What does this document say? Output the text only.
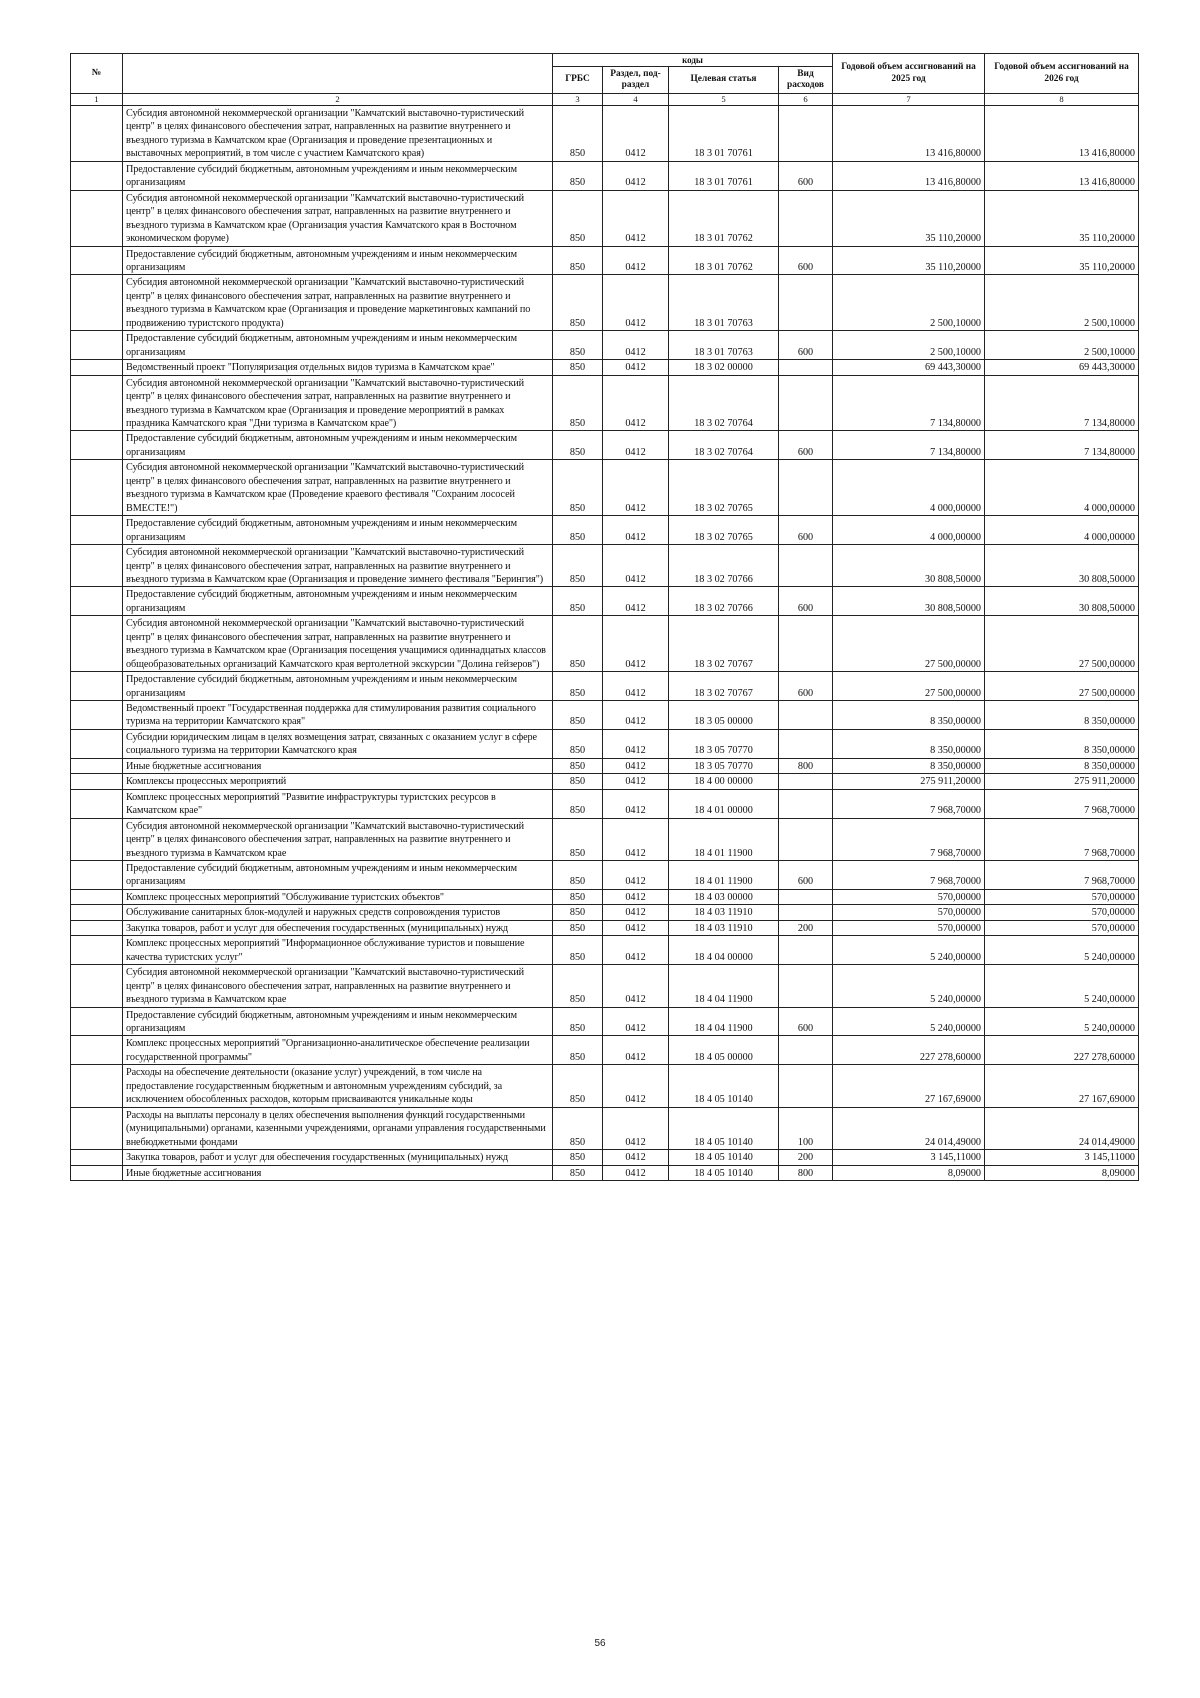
№		коды				Годовой объем ассигнований на 2025 год	Годовой объем ассигнований на 2026 год
		ГРБС	Раздел, под-раздел	Целевая статья	Вид расходов		
1	2	3	4	5	6	7	8
	Субсидия автономной некоммерческой организации "Камчатский выставочно-туристический центр" в целях финансового обеспечения затрат, направленных на развитие внутреннего и въездного туризма в Камчатском крае (Организация и проведение презентационных и выставочных мероприятий, в том числе с участием Камчатского края)	850	0412	18 3 01 70761		13 416,80000	13 416,80000
	Предоставление субсидий бюджетным, автономным учреждениям и иным некоммерческим организациям	850	0412	18 3 01 70761	600	13 416,80000	13 416,80000
	Субсидия автономной некоммерческой организации "Камчатский выставочно-туристический центр" в целях финансового обеспечения затрат, направленных на развитие внутреннего и въездного туризма в Камчатском крае (Организация участия Камчатского края в Восточном экономическом форуме)	850	0412	18 3 01 70762		35 110,20000	35 110,20000
	Предоставление субсидий бюджетным, автономным учреждениям и иным некоммерческим организациям	850	0412	18 3 01 70762	600	35 110,20000	35 110,20000
	Субсидия автономной некоммерческой организации "Камчатский выставочно-туристический центр" в целях финансового обеспечения затрат, направленных на развитие внутреннего и въездного туризма в Камчатском крае (Организация и проведение маркетинговых кампаний по продвижению туристского продукта)	850	0412	18 3 01 70763		2 500,10000	2 500,10000
	Предоставление субсидий бюджетным, автономным учреждениям и иным некоммерческим организациям	850	0412	18 3 01 70763	600	2 500,10000	2 500,10000
	Ведомственный проект "Популяризация отдельных видов туризма в Камчатском крае"	850	0412	18 3 02 00000		69 443,30000	69 443,30000
	Субсидия автономной некоммерческой организации "Камчатский выставочно-туристический центр" в целях финансового обеспечения затрат, направленных на развитие внутреннего и въездного туризма в Камчатском крае (Организация и проведение мероприятий в рамках праздника Камчатского края "Дни туризма в Камчатском крае")	850	0412	18 3 02 70764		7 134,80000	7 134,80000
	Предоставление субсидий бюджетным, автономным учреждениям и иным некоммерческим организациям	850	0412	18 3 02 70764	600	7 134,80000	7 134,80000
	Субсидия автономной некоммерческой организации "Камчатский выставочно-туристический центр" в целях финансового обеспечения затрат, направленных на развитие внутреннего и въездного туризма в Камчатском крае (Проведение краевого фестиваля "Сохраним лососей ВМЕСТЕ!")	850	0412	18 3 02 70765		4 000,00000	4 000,00000
	Предоставление субсидий бюджетным, автономным учреждениям и иным некоммерческим организациям	850	0412	18 3 02 70765	600	4 000,00000	4 000,00000
	Субсидия автономной некоммерческой организации "Камчатский выставочно-туристический центр" в целях финансового обеспечения затрат, направленных на развитие внутреннего и въездного туризма в Камчатском крае (Организация и проведение зимнего фестиваля "Берингия")	850	0412	18 3 02 70766		30 808,50000	30 808,50000
	Предоставление субсидий бюджетным, автономным учреждениям и иным некоммерческим организациям	850	0412	18 3 02 70766	600	30 808,50000	30 808,50000
	Субсидия автономной некоммерческой организации "Камчатский выставочно-туристический центр" в целях финансового обеспечения затрат, направленных на развитие внутреннего и въездного туризма в Камчатском крае (Организация посещения учащимися одиннадцатых классов общеобразовательных организаций Камчатского края вертолетной экскурсии "Долина гейзеров")	850	0412	18 3 02 70767		27 500,00000	27 500,00000
	Предоставление субсидий бюджетным, автономным учреждениям и иным некоммерческим организациям	850	0412	18 3 02 70767	600	27 500,00000	27 500,00000
	Ведомственный проект "Государственная поддержка для стимулирования развития социального туризма на территории Камчатского края"	850	0412	18 3 05 00000		8 350,00000	8 350,00000
	Субсидии юридическим лицам в целях возмещения затрат, связанных с оказанием услуг в сфере социального туризма на территории Камчатского края	850	0412	18 3 05 70770		8 350,00000	8 350,00000
	Иные бюджетные ассигнования	850	0412	18 3 05 70770	800	8 350,00000	8 350,00000
	Комплексы процессных мероприятий	850	0412	18 4 00 00000		275 911,20000	275 911,20000
	Комплекс процессных мероприятий "Развитие инфраструктуры туристских ресурсов в Камчатском крае"	850	0412	18 4 01 00000		7 968,70000	7 968,70000
	Субсидия автономной некоммерческой организации "Камчатский выставочно-туристический центр" в целях финансового обеспечения затрат, направленных на развитие внутреннего и въездного туризма в Камчатском крае	850	0412	18 4 01 11900		7 968,70000	7 968,70000
	Предоставление субсидий бюджетным, автономным учреждениям и иным некоммерческим организациям	850	0412	18 4 01 11900	600	7 968,70000	7 968,70000
	Комплекс процессных мероприятий "Обслуживание туристских объектов"	850	0412	18 4 03 00000		570,00000	570,00000
	Обслуживание санитарных блок-модулей и наружных средств сопровождения туристов	850	0412	18 4 03 11910		570,00000	570,00000
	Закупка товаров, работ и услуг для обеспечения государственных (муниципальных) нужд	850	0412	18 4 03 11910	200	570,00000	570,00000
	Комплекс процессных мероприятий "Информационное обслуживание туристов и повышение качества туристских услуг"	850	0412	18 4 04 00000		5 240,00000	5 240,00000
	Субсидия автономной некоммерческой организации "Камчатский выставочно-туристический центр" в целях финансового обеспечения затрат, направленных на развитие внутреннего и въездного туризма в Камчатском крае	850	0412	18 4 04 11900		5 240,00000	5 240,00000
	Предоставление субсидий бюджетным, автономным учреждениям и иным некоммерческим организациям	850	0412	18 4 04 11900	600	5 240,00000	5 240,00000
	Комплекс процессных мероприятий "Организационно-аналитическое обеспечение реализации государственной программы"	850	0412	18 4 05 00000		227 278,60000	227 278,60000
	Расходы на обеспечение деятельности (оказание услуг) учреждений, в том числе на предоставление государственным бюджетным и автономным учреждениям субсидий, за исключением обособленных расходов, которым присваиваются уникальные коды	850	0412	18 4 05 10140		27 167,69000	27 167,69000
	Расходы на выплаты персоналу в целях обеспечения выполнения функций государственными (муниципальными) органами, казенными учреждениями, органами управления государственными внебюджетными фондами	850	0412	18 4 05 10140	100	24 014,49000	24 014,49000
	Закупка товаров, работ и услуг для обеспечения государственных (муниципальных) нужд	850	0412	18 4 05 10140	200	3 145,11000	3 145,11000
	Иные бюджетные ассигнования	850	0412	18 4 05 10140	800	8,09000	8,09000
56
